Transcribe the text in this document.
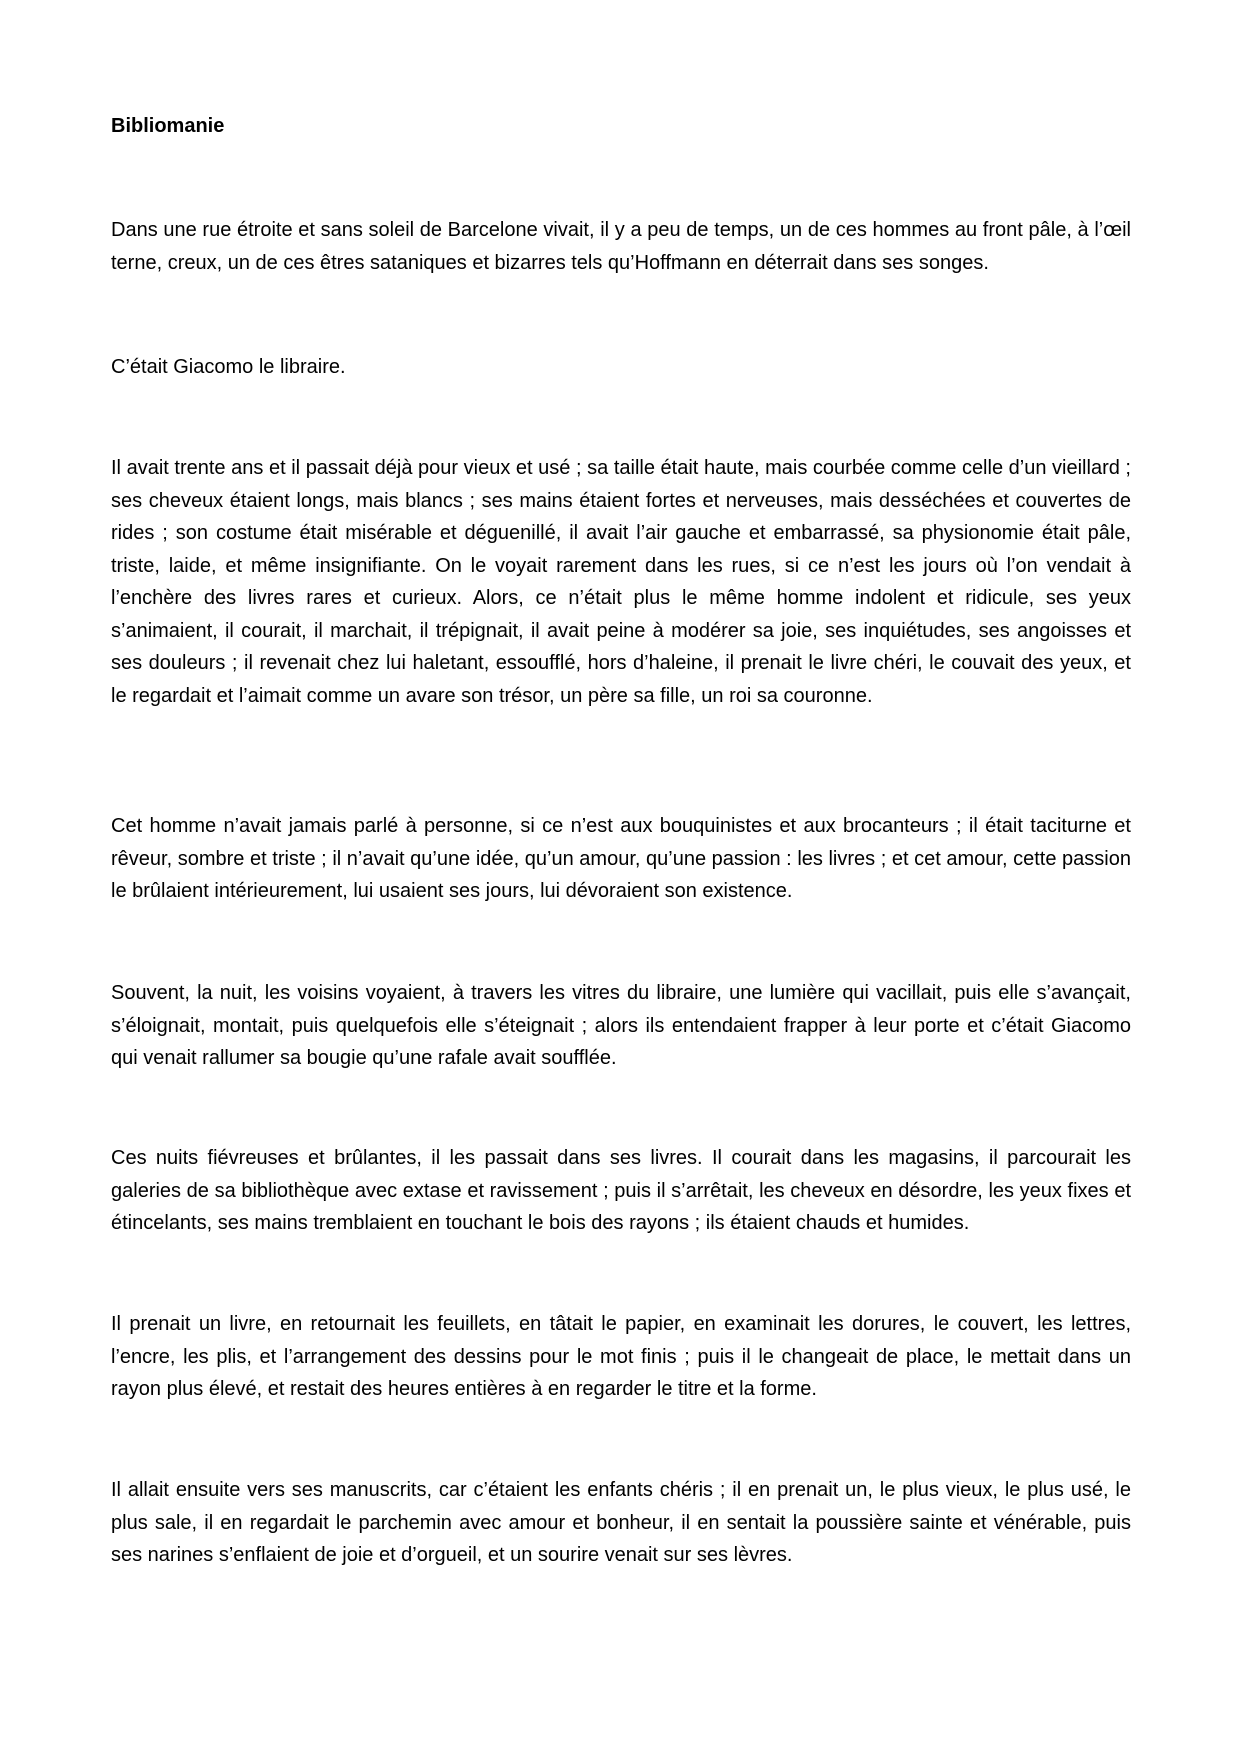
Bibliomanie

Dans une rue étroite et sans soleil de Barcelone vivait, il y a peu de temps, un de ces hommes au front pâle, à l’œil terne, creux, un de ces êtres sataniques et bizarres tels qu’Hoffmann en déterrait dans ses songes.

C’était Giacomo le libraire.

Il avait trente ans et il passait déjà pour vieux et usé ; sa taille était haute, mais courbée comme celle d’un vieillard ; ses cheveux étaient longs, mais blancs ; ses mains étaient fortes et nerveuses, mais desséchées et couvertes de rides ; son costume était misérable et déguenillé, il avait l’air gauche et embarrassé, sa physionomie était pâle, triste, laide, et même insignifiante. On le voyait rarement dans les rues, si ce n’est les jours où l’on vendait à l’enchère des livres rares et curieux. Alors, ce n’était plus le même homme indolent et ridicule, ses yeux s’animaient, il courait, il marchait, il trépignait, il avait peine à modérer sa joie, ses inquiétudes, ses angoisses et ses douleurs ; il revenait chez lui haletant, essoufflé, hors d’haleine, il prenait le livre chéri, le couvait des yeux, et le regardait et l’aimait comme un avare son trésor, un père sa fille, un roi sa couronne.

Cet homme n’avait jamais parlé à personne, si ce n’est aux bouquinistes et aux brocanteurs ; il était taciturne et rêveur, sombre et triste ; il n’avait qu’une idée, qu’un amour, qu’une passion : les livres ; et cet amour, cette passion le brûlaient intérieurement, lui usaient ses jours, lui dévoraient son existence.

Souvent, la nuit, les voisins voyaient, à travers les vitres du libraire, une lumière qui vacillait, puis elle s’avançait, s’éloignait, montait, puis quelquefois elle s’éteignait ; alors ils entendaient frapper à leur porte et c’était Giacomo qui venait rallumer sa bougie qu’une rafale avait soufflée.

Ces nuits fiévreuses et brûlantes, il les passait dans ses livres. Il courait dans les magasins, il parcourait les galeries de sa bibliothèque avec extase et ravissement ; puis il s’arrêtait, les cheveux en désordre, les yeux fixes et étincelants, ses mains tremblaient en touchant le bois des rayons ; ils étaient chauds et humides.

Il prenait un livre, en retournait les feuillets, en tâtait le papier, en examinait les dorures, le couvert, les lettres, l’encre, les plis, et l’arrangement des dessins pour le mot finis ; puis il le changeait de place, le mettait dans un rayon plus élevé, et restait des heures entières à en regarder le titre et la forme.

Il allait ensuite vers ses manuscrits, car c’étaient les enfants chéris ; il en prenait un, le plus vieux, le plus usé, le plus sale, il en regardait le parchemin avec amour et bonheur, il en sentait la poussière sainte et vénérable, puis ses narines s’enflaient de joie et d’orgueil, et un sourire venait sur ses lèvres.
